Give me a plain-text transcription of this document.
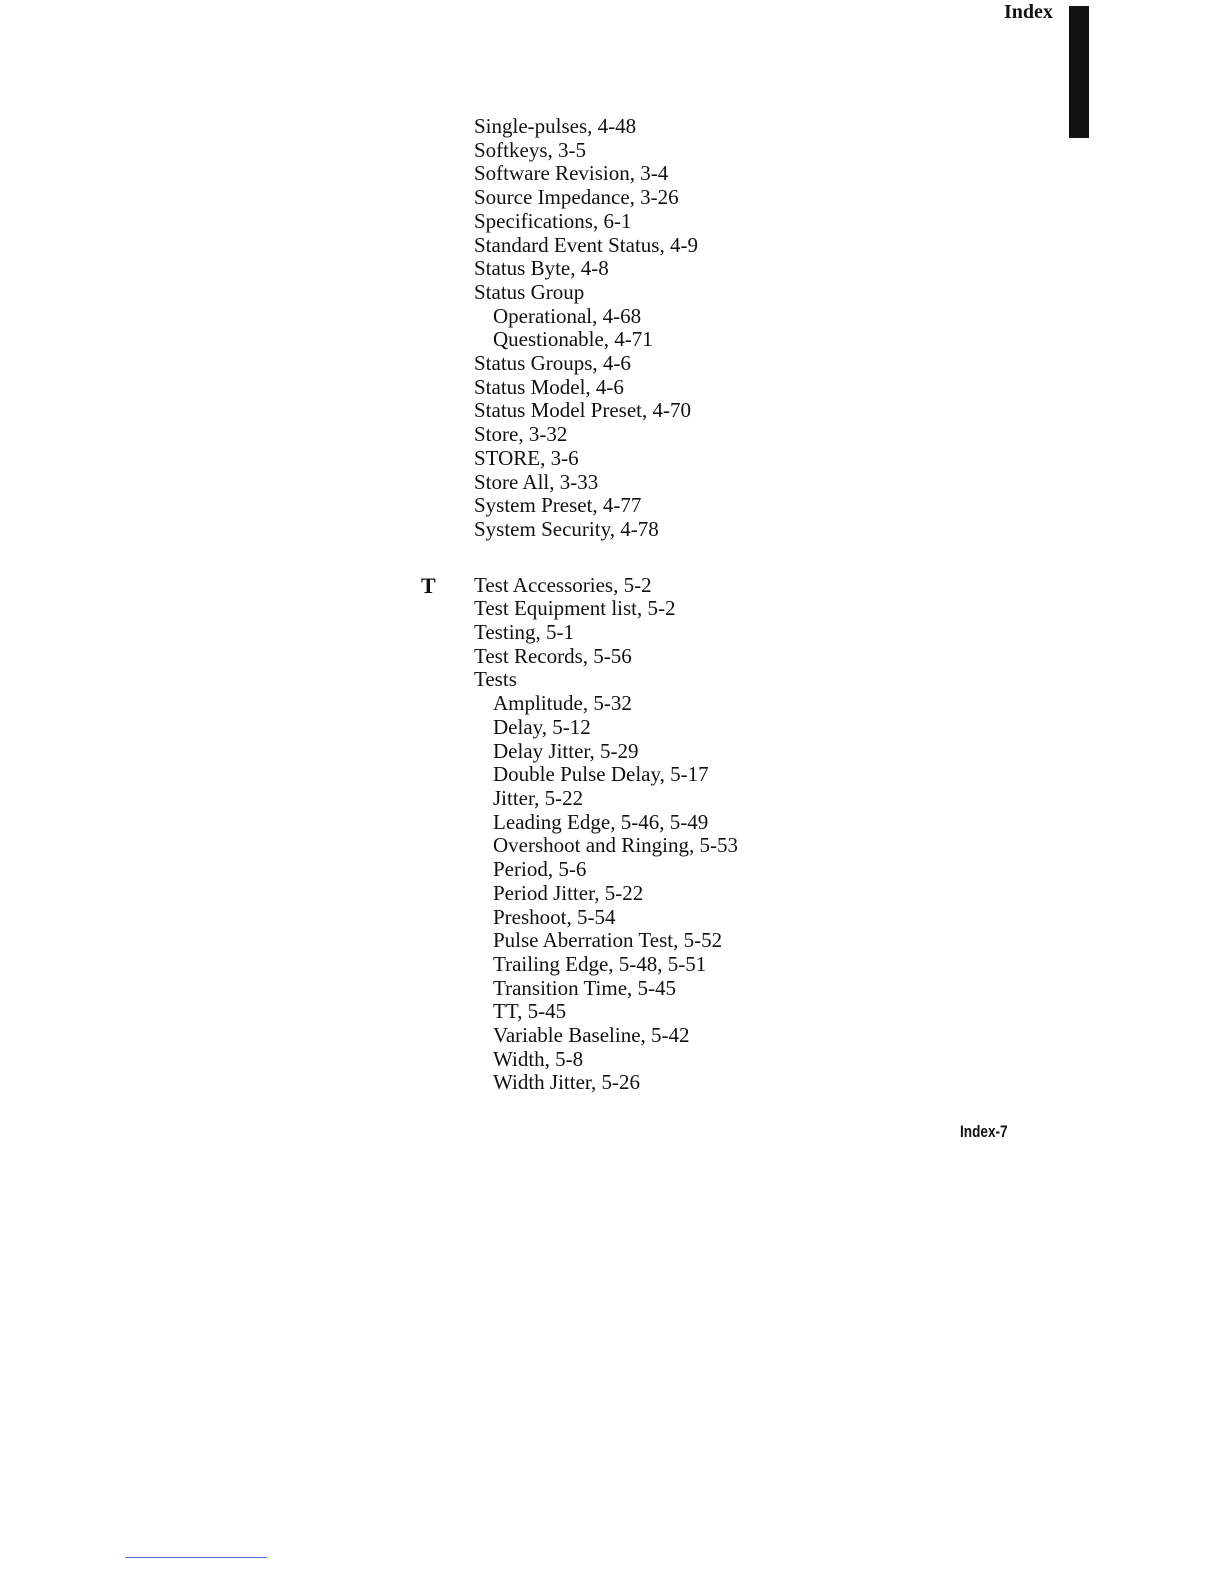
Index
Single-pulses, 4-48
Softkeys, 3-5
Software Revision, 3-4
Source Impedance, 3-26
Specifications, 6-1
Standard Event Status, 4-9
Status Byte, 4-8
Status Group
Operational, 4-68
Questionable, 4-71
Status Groups, 4-6
Status Model, 4-6
Status Model Preset, 4-70
Store, 3-32
STORE, 3-6
Store All, 3-33
System Preset, 4-77
System Security, 4-78
T Test Accessories, 5-2
Test Equipment list, 5-2
Testing, 5-1
Test Records, 5-56
Tests
Amplitude, 5-32
Delay, 5-12
Delay Jitter, 5-29
Double Pulse Delay, 5-17
Jitter, 5-22
Leading Edge, 5-46, 5-49
Overshoot and Ringing, 5-53
Period, 5-6
Period Jitter, 5-22
Preshoot, 5-54
Pulse Aberration Test, 5-52
Trailing Edge, 5-48, 5-51
Transition Time, 5-45
TT, 5-45
Variable Baseline, 5-42
Width, 5-8
Width Jitter, 5-26
Index-7
